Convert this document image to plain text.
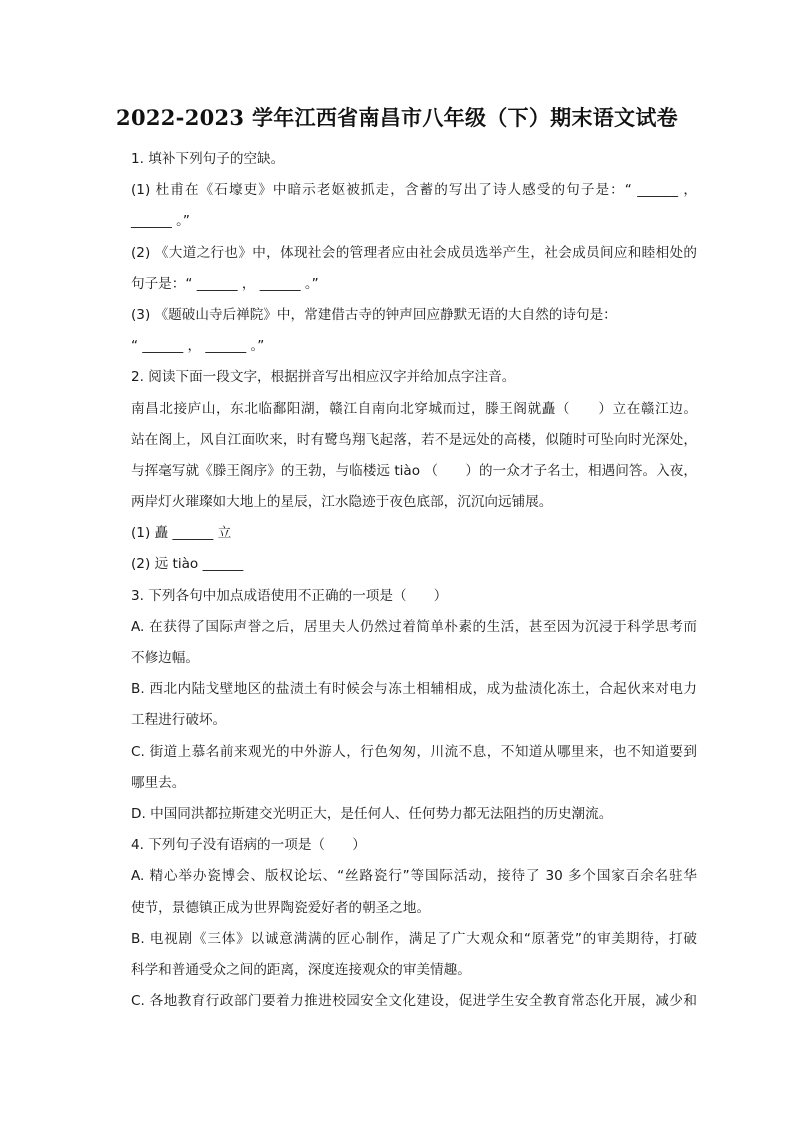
2022-2023 学年江西省南昌市八年级（下）期末语文试卷
1. 填补下列句子的空缺。
(1) 杜甫在《石壕吏》中暗示老妪被抓走，含蓄的写出了诗人感受的句子是：“ ______ ，
______ 。”
(2) 《大道之行也》中，体现社会的管理者应由社会成员选举产生，社会成员间应和睦相处的
句子是：“ ______ ， ______ 。”
(3) 《题破山寺后禅院》中，常建借古寺的钟声回应静默无语的大自然的诗句是：
“ ______ ， ______ 。”
2. 阅读下面一段文字，根据拼音写出相应汉字并给加点字注音。
南昌北接庐山，东北临鄱阳湖，赣江自南向北穿城而过，滕王阁就矗（　　）立在赣江边。
站在阁上，风自江面吹来，时有鹭鸟翔飞起落，若不是远处的高楼，似随时可坠向时光深处，
与挥毫写就《滕王阁序》的王勃，与临楼远 tiào （　　）的一众才子名士，相遇问答。入夜，
两岸灯火璀璨如大地上的星辰，江水隐迹于夜色底部，沉沉向远铺展。
(1) 矗 ______ 立
(2) 远 tiào ______
3. 下列各句中加点成语使用不正确的一项是（　　）
A. 在获得了国际声誉之后，居里夫人仍然过着简单朴素的生活，甚至因为沉浸于科学思考而
不修边幅。
B. 西北内陆戈壁地区的盐渍土有时候会与冻土相辅相成，成为盐渍化冻土，合起伙来对电力
工程进行破坏。
C. 街道上慕名前来观光的中外游人，行色匆匆，川流不息，不知道从哪里来，也不知道要到
哪里去。
D. 中国同洪都拉斯建交光明正大，是任何人、任何势力都无法阻挡的历史潮流。
4. 下列句子没有语病的一项是（　　）
A. 精心举办瓷博会、版权论坛、“丝路瓷行”等国际活动，接待了 30 多个国家百余名驻华
使节，景德镇正成为世界陶瓷爱好者的朝圣之地。
B. 电视剧《三体》以诚意满满的匠心制作，满足了广大观众和“原著党”的审美期待，打破
科学和普通受众之间的距离，深度连接观众的审美情趣。
C. 各地教育行政部门要着力推进校园安全文化建设，促进学生安全教育常态化开展，减少和
